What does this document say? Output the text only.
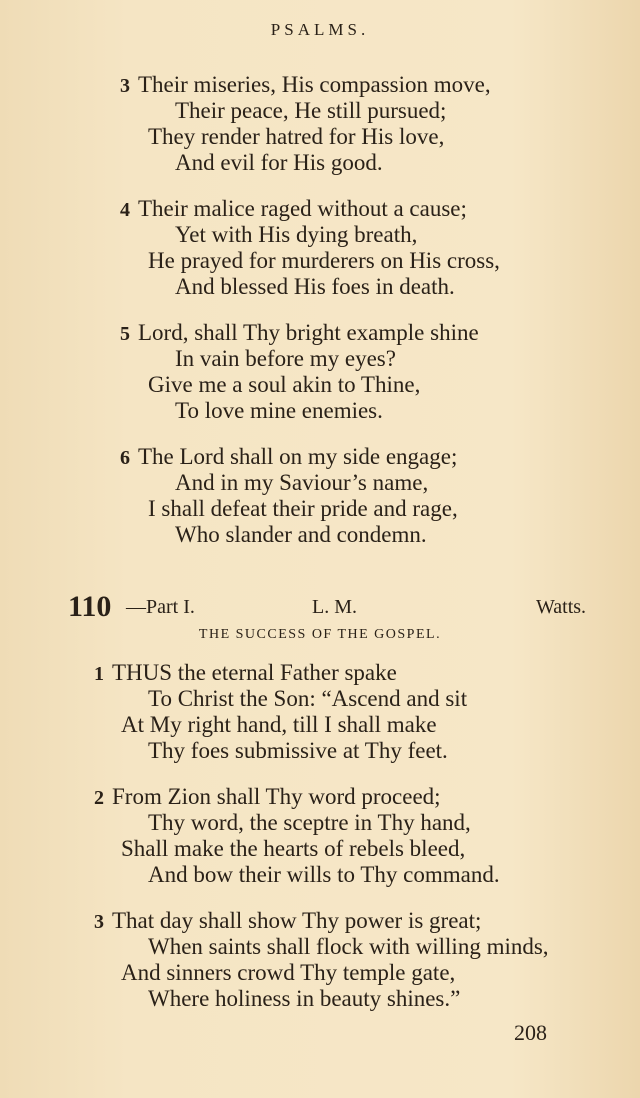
PSALMS.
3 Their miseries, His compassion move,
Their peace, He still pursued;
They render hatred for His love,
And evil for His good.
4 Their malice raged without a cause;
Yet with His dying breath,
He prayed for murderers on His cross,
And blessed His foes in death.
5 Lord, shall Thy bright example shine
In vain before my eyes?
Give me a soul akin to Thine,
To love mine enemies.
6 The Lord shall on my side engage;
And in my Saviour’s name,
I shall defeat their pride and rage,
Who slander and condemn.
110 —Part I.	L. M.	Watts.
THE SUCCESS OF THE GOSPEL.
1 THUS the eternal Father spake
To Christ the Son: “Ascend and sit
At My right hand, till I shall make
Thy foes submissive at Thy feet.
2 From Zion shall Thy word proceed;
Thy word, the sceptre in Thy hand,
Shall make the hearts of rebels bleed,
And bow their wills to Thy command.
3 That day shall show Thy power is great;
When saints shall flock with willing minds,
And sinners crowd Thy temple gate,
Where holiness in beauty shines.”
208
